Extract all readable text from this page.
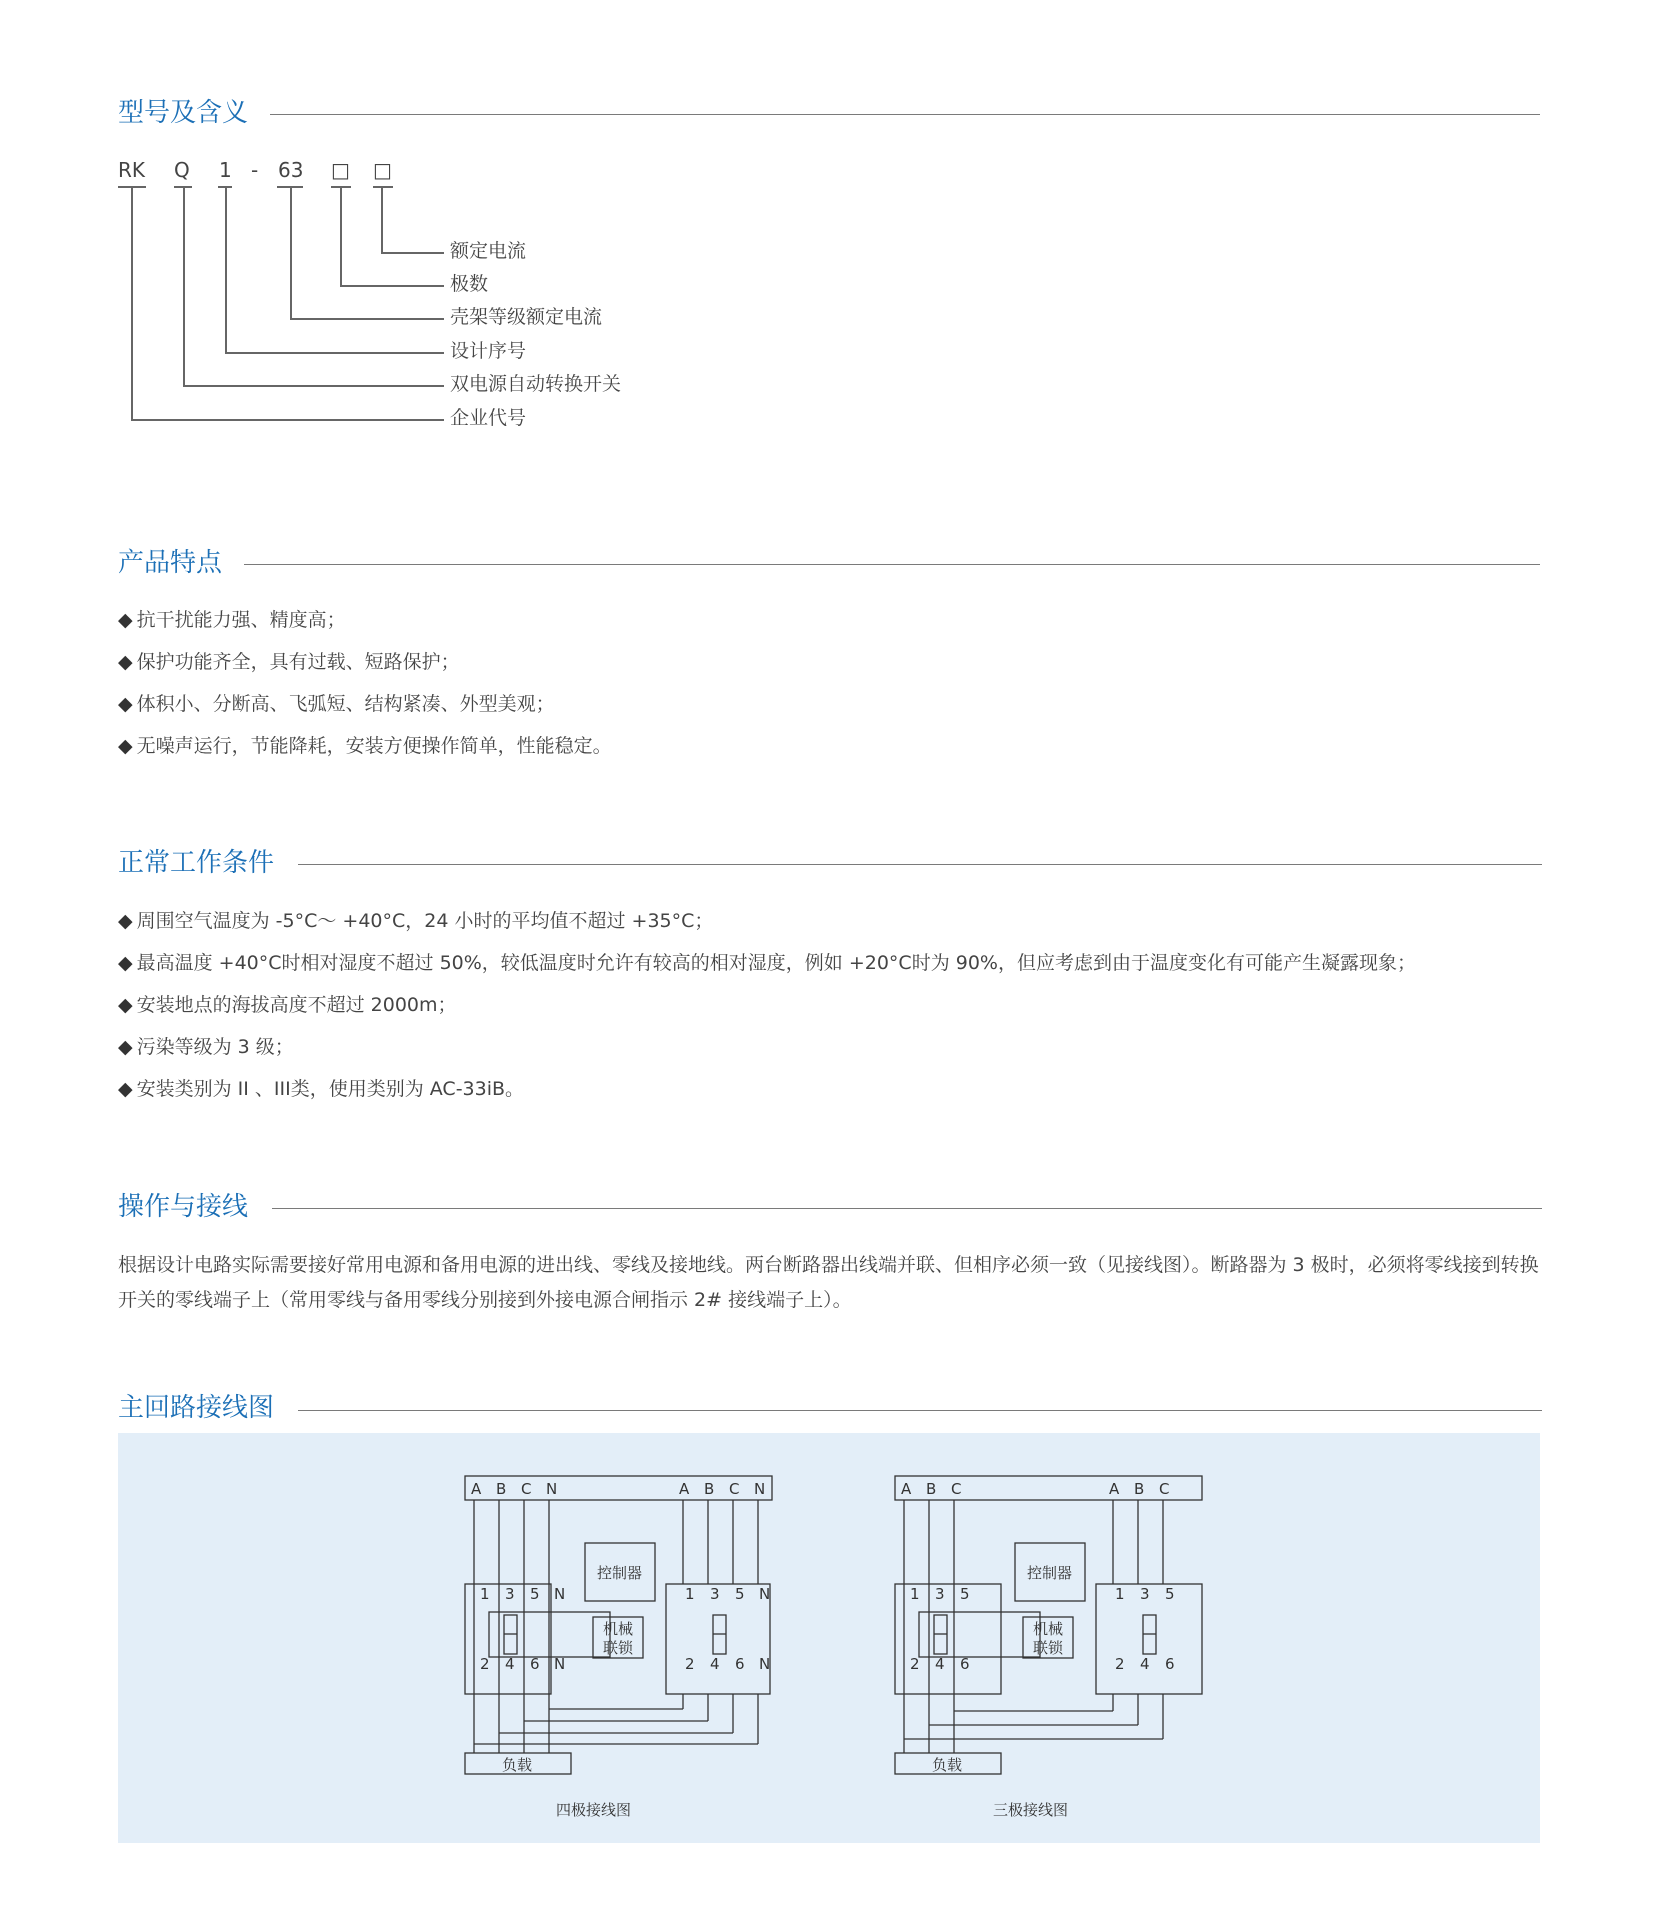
型号及含义
RK Q 1 - 63 □ □
额定电流
极数
壳架等级额定电流
设计序号
双电源自动转换开关
企业代号
产品特点
◆ 抗干扰能力强、精度高；
◆ 保护功能齐全，具有过载、短路保护；
◆ 体积小、分断高、飞弧短、结构紧凑、外型美观；
◆ 无噪声运行，节能降耗，安装方便操作简单，性能稳定。
正常工作条件
◆ 周围空气温度为 -5°C～ +40°C，24 小时的平均值不超过 +35°C；
◆ 最高温度 +40°C时相对湿度不超过 50%，较低温度时允许有较高的相对湿度，例如 +20°C时为 90%，但应考虑到由于温度变化有可能产生凝露现象；
◆ 安装地点的海拔高度不超过 2000m；
◆ 污染等级为 3 级；
◆ 安装类别为 II 、III类，使用类别为 AC-33iB。
操作与接线
根据设计电路实际需要接好常用电源和备用电源的进出线、零线及接地线。两台断路器出线端并联、但相序必须一致（见接线图）。断路器为 3 极时，必须将零线接到转换开关的零线端子上（常用零线与备用零线分别接到外接电源合闸指示 2# 接线端子上）。
主回路接线图
A B C N	A B C N
控制器
机械
联锁
1 3 5 N	1 3 5 N
2 4 6 N	2 4 6 N
负载
四极接线图
A B C	A B C
控制器
机械
联锁
1 3 5	1 3 5
2 4 6	2 4 6
负载
三极接线图
